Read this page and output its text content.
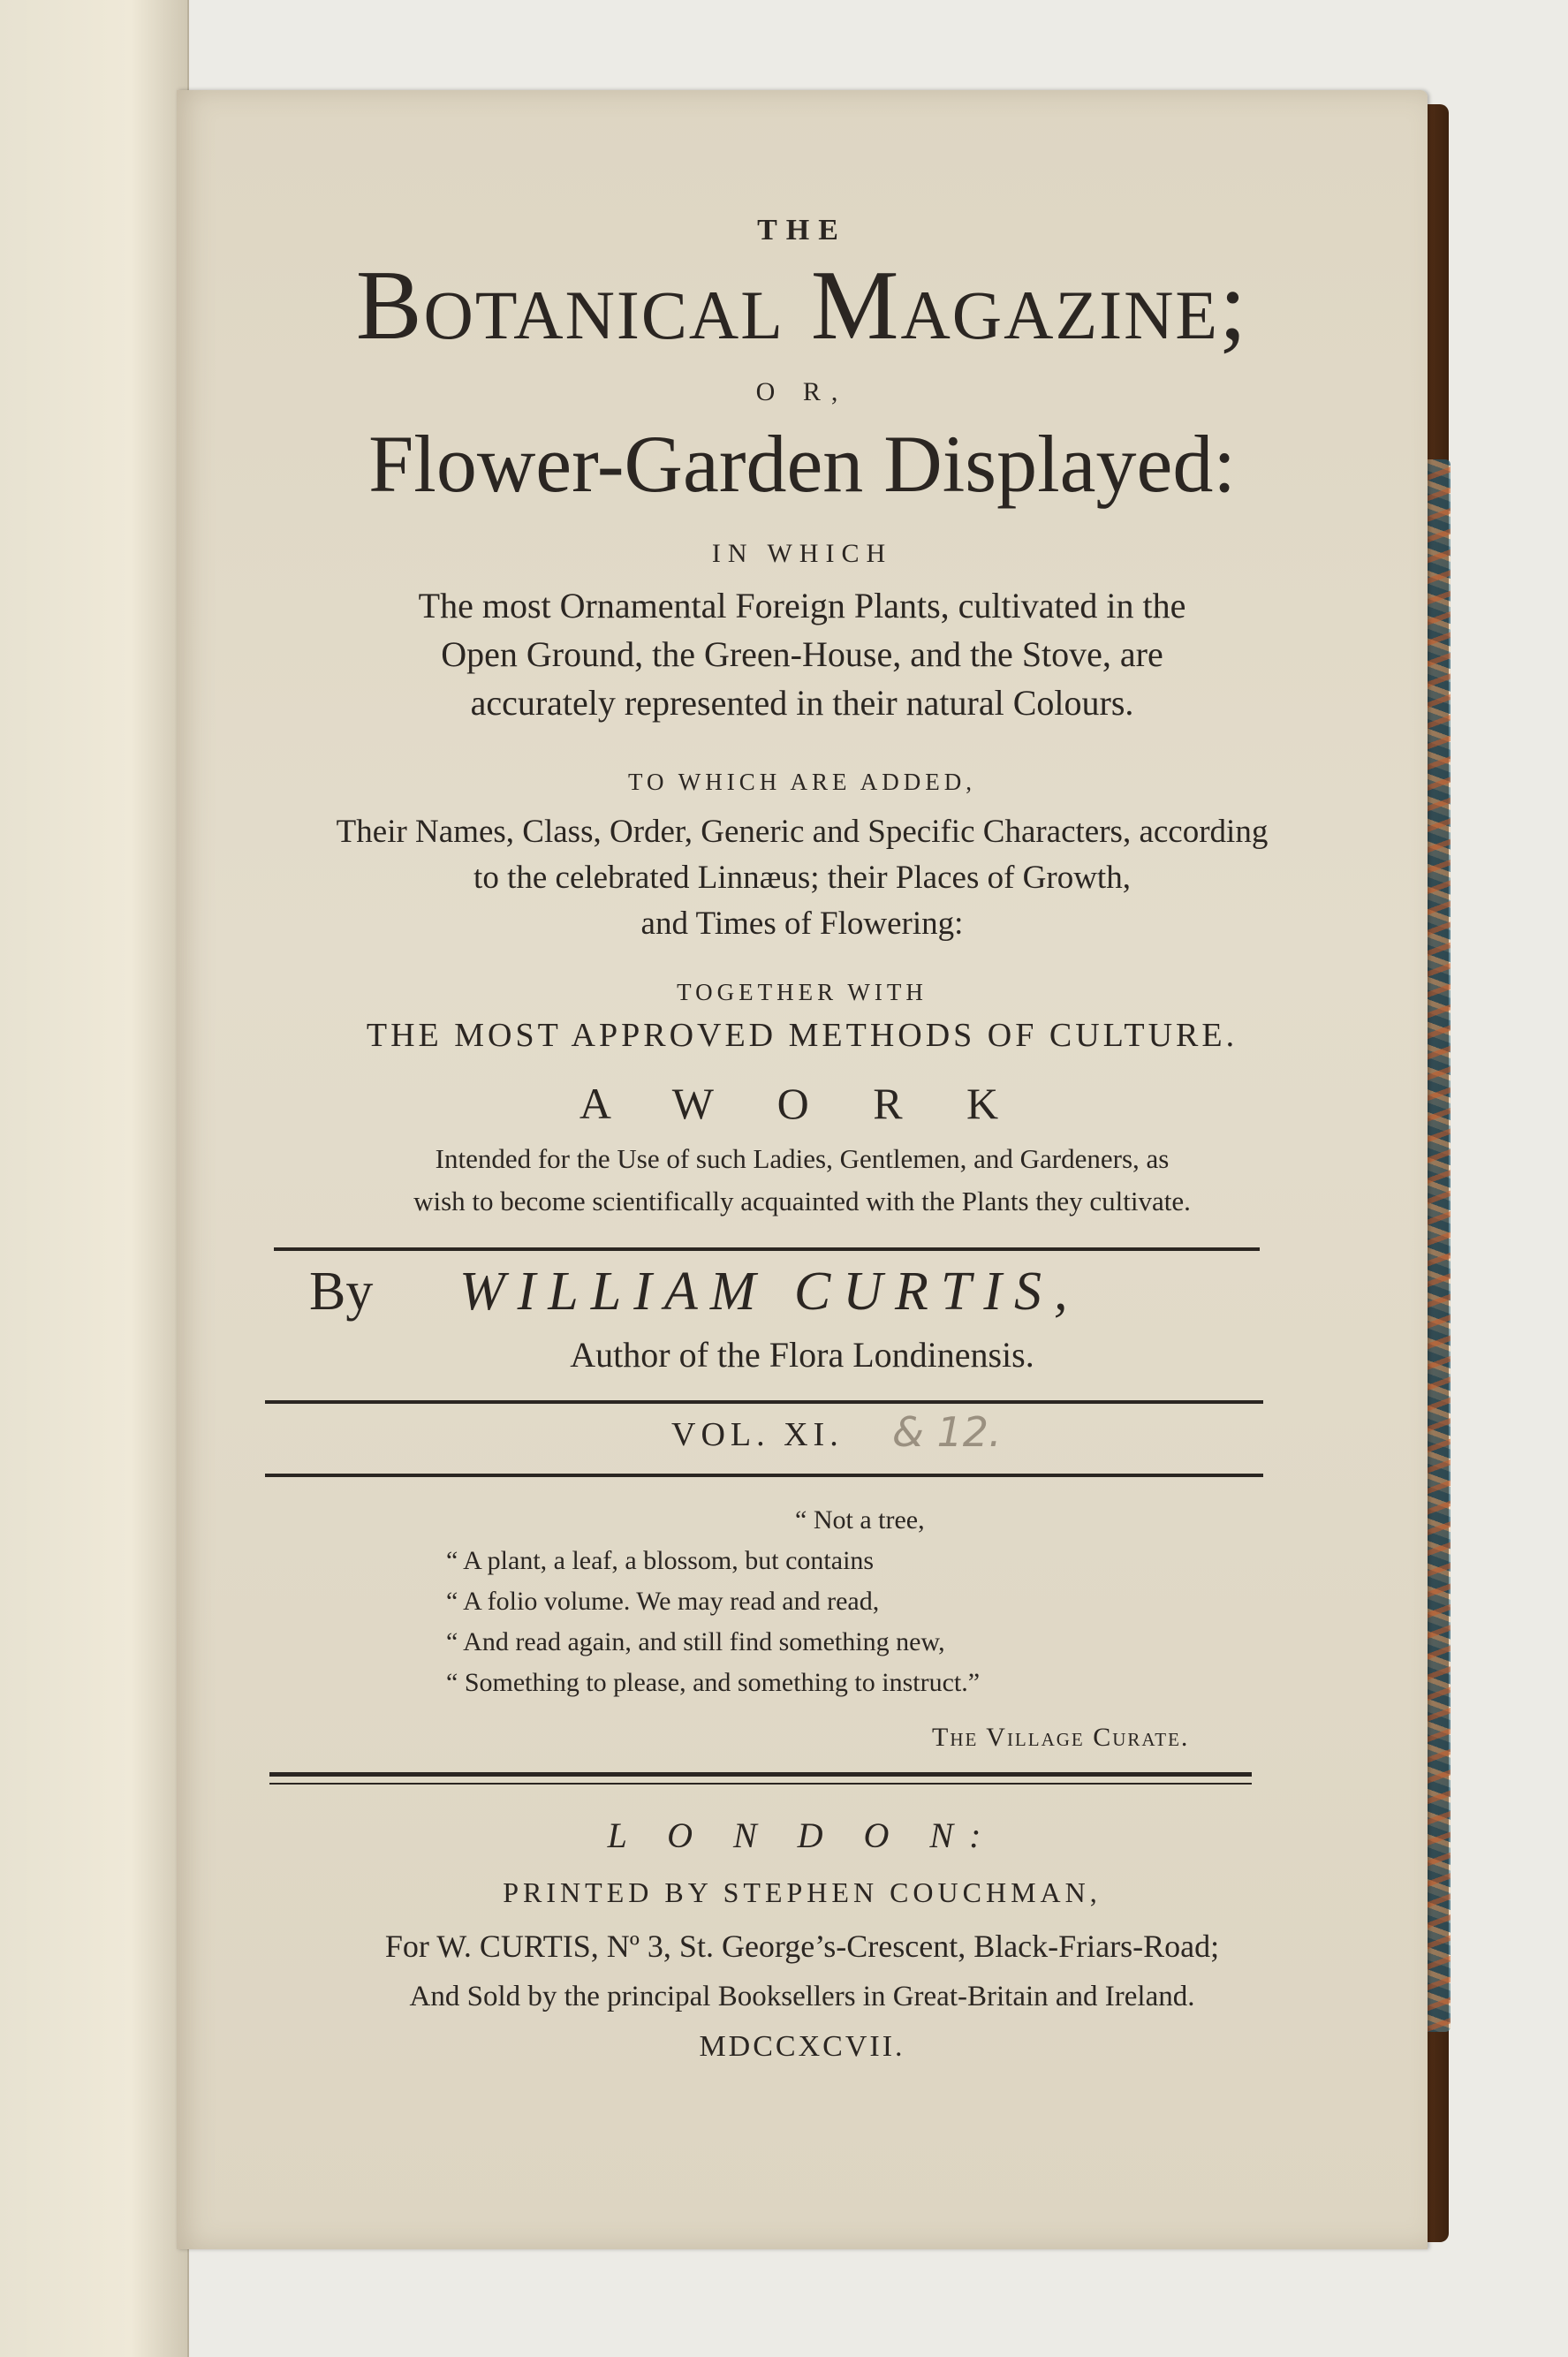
THE
Botanical Magazine;
O R,
Flower-Garden Displayed:
IN WHICH
The most Ornamental Foreign Plants, cultivated in the
Open Ground, the Green-House, and the Stove, are
accurately represented in their natural Colours.
TO WHICH ARE ADDED,
Their Names, Class, Order, Generic and Specific Characters, according
to the celebrated Linnæus; their Places of Growth,
and Times of Flowering:
TOGETHER WITH
THE MOST APPROVED METHODS OF CULTURE.
A W O R K
Intended for the Use of such Ladies, Gentlemen, and Gardeners, as
wish to become scientifically acquainted with the Plants they cultivate.
By WILLIAM CURTIS,
Author of the Flora Londinensis.
VOL. XI. & 12.
“ Not a tree,
“ A plant, a leaf, a blossom, but contains
“ A folio volume. We may read and read,
“ And read again, and still find something new,
“ Something to please, and something to instruct.”
The Village Curate.
L O N D O N:
PRINTED BY STEPHEN COUCHMAN,
For W. CURTIS, Nº 3, St. George’s-Crescent, Black-Friars-Road;
And Sold by the principal Booksellers in Great-Britain and Ireland.
MDCCXCVII.
